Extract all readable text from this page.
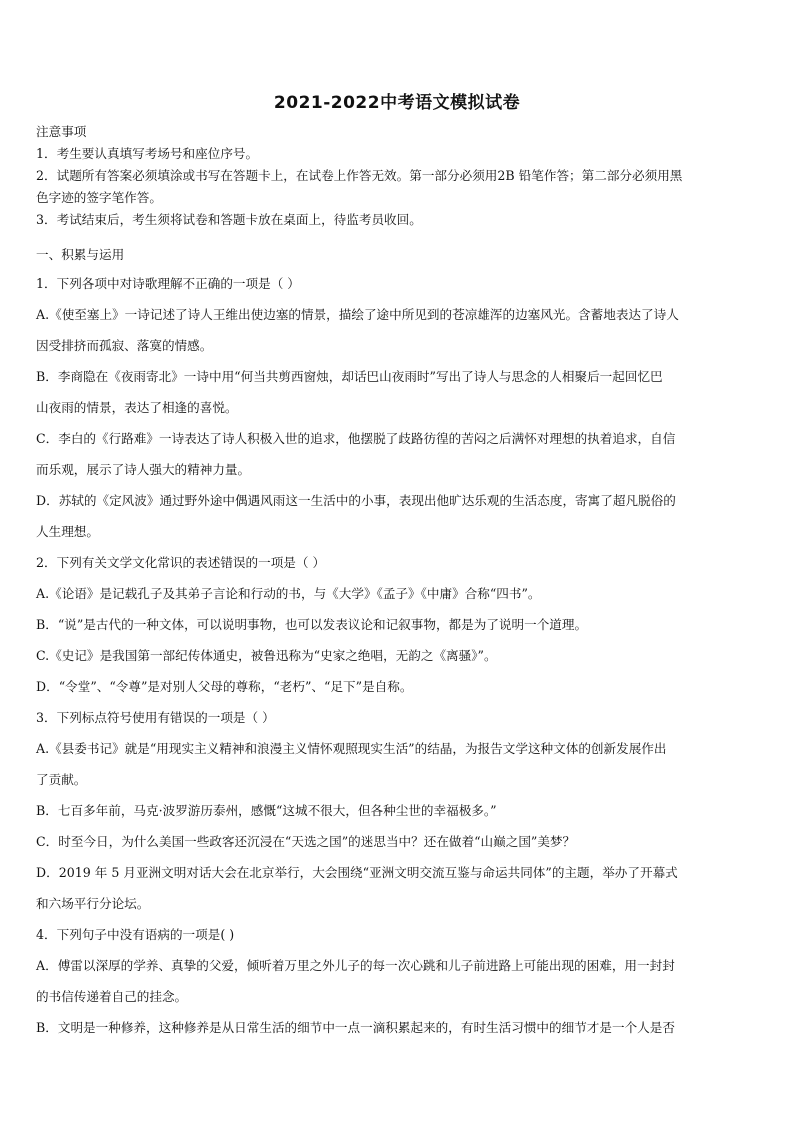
2021-2022中考语文模拟试卷
注意事项
1．考生要认真填写考场号和座位序号。
2．试题所有答案必须填涂或书写在答题卡上，在试卷上作答无效。第一部分必须用2B 铅笔作答；第二部分必须用黑
色字迹的签字笔作答。
3．考试结束后，考生须将试卷和答题卡放在桌面上，待监考员收回。
一、积累与运用
1．下列各项中对诗歌理解不正确的一项是（ ）
A.《使至塞上》一诗记述了诗人王维出使边塞的情景，描绘了途中所见到的苍凉雄浑的边塞风光。含蓄地表达了诗人
因受排挤而孤寂、落寞的情感。
B．李商隐在《夜雨寄北》一诗中用“何当共剪西窗烛，却话巴山夜雨时”写出了诗人与思念的人相聚后一起回忆巴
山夜雨的情景，表达了相逢的喜悦。
C．李白的《行路难》一诗表达了诗人积极入世的追求，他摆脱了歧路彷徨的苦闷之后满怀对理想的执着追求，自信
而乐观，展示了诗人强大的精神力量。
D．苏轼的《定风波》通过野外途中偶遇风雨这一生活中的小事，表现出他旷达乐观的生活态度，寄寓了超凡脱俗的
人生理想。
2．下列有关文学文化常识的表述错误的一项是（ ）
A.《论语》是记载孔子及其弟子言论和行动的书，与《大学》《孟子》《中庸》合称“四书”。
B．“说”是古代的一种文体，可以说明事物，也可以发表议论和记叙事物，都是为了说明一个道理。
C.《史记》是我国第一部纪传体通史，被鲁迅称为“史家之绝唱，无韵之《离骚》”。
D．“令堂”、“令尊”是对别人父母的尊称，“老朽”、“足下”是自称。
3．下列标点符号使用有错误的一项是（ ）
A.《县委书记》就是“用现实主义精神和浪漫主义情怀观照现实生活”的结晶，为报告文学这种文体的创新发展作出
了贡献。
B．七百多年前，马克·波罗游历泰州，感慨“这城不很大，但各种尘世的幸福极多。”
C．时至今日，为什么美国一些政客还沉浸在“天选之国”的迷思当中？还在做着“山巅之国”美梦？
D．2019 年 5 月亚洲文明对话大会在北京举行，大会围绕“亚洲文明交流互鉴与命运共同体”的主题，举办了开幕式
和六场平行分论坛。
4．下列句子中没有语病的一项是( )
A．傅雷以深厚的学养、真挚的父爱，倾听着万里之外儿子的每一次心跳和儿子前进路上可能出现的困难，用一封封
的书信传递着自己的挂念。
B．文明是一种修养，这种修养是从日常生活的细节中一点一滴积累起来的，有时生活习惯中的细节才是一个人是否
